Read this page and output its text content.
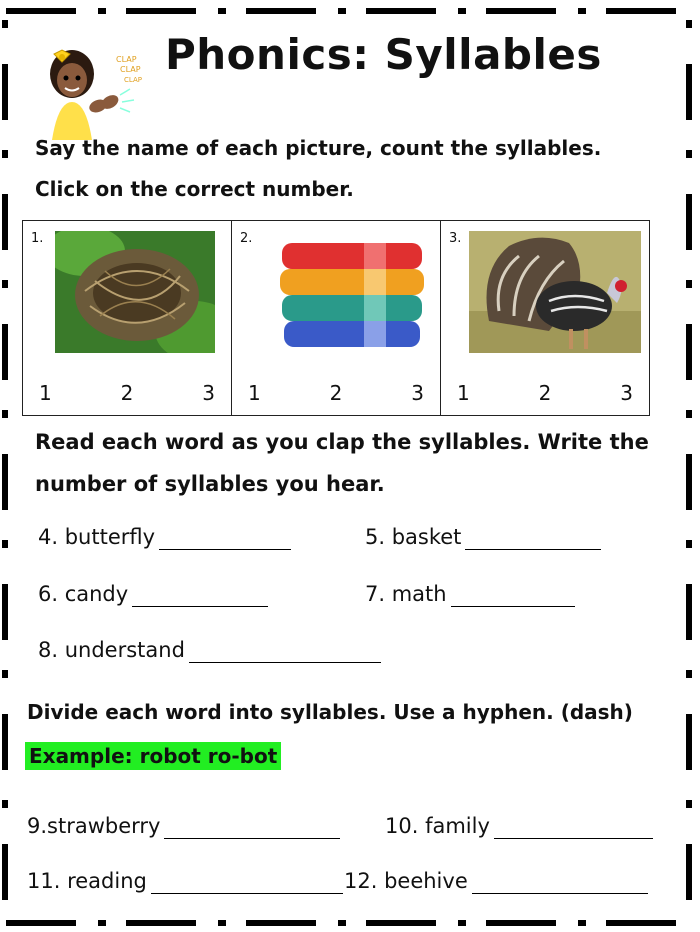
CLAP
CLAP
CLAP
Phonics: Syllables
Say the name of each picture, count the syllables.
Click on the correct number.
1.
1	2	3
2.
1	2	3
3.
1	2	3
Read each word as you clap the syllables. Write the
number of syllables you hear.
4. butterfly	5. basket
6. candy	7. math
8. understand
Divide each word into syllables. Use a hyphen. (dash)
Example: robot ro-bot
9.strawberry	10. family
11. reading	12. beehive
